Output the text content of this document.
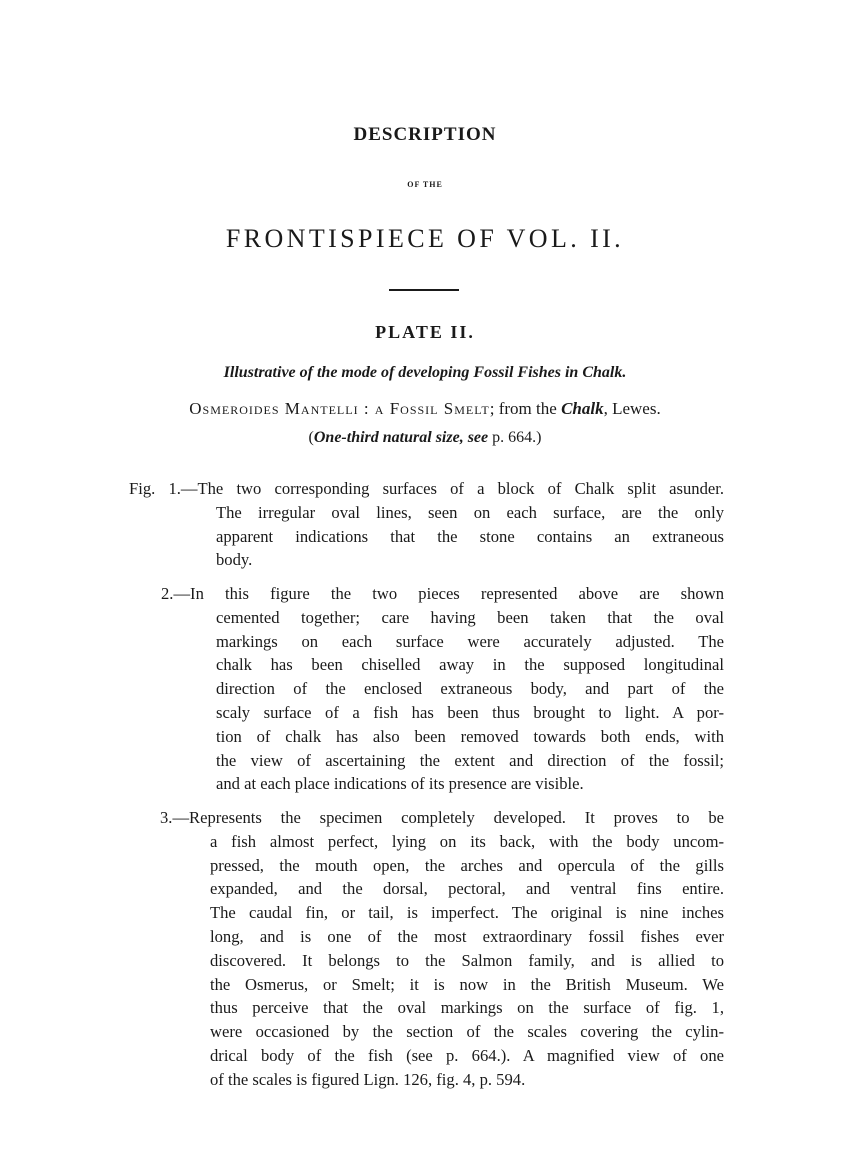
DESCRIPTION
OF THE
FRONTISPIECE OF VOL. II.
PLATE II.
Illustrative of the mode of developing Fossil Fishes in Chalk.
Osmeroides Mantelli : a Fossil Smelt; from the Chalk, Lewes.
(One-third natural size, see p. 664.)
Fig. 1.—The two corresponding surfaces of a block of Chalk split asunder.
The irregular oval lines, seen on each surface, are the only
apparent indications that the stone contains an extraneous
body.
2.—In this figure the two pieces represented above are shown
cemented together; care having been taken that the oval
markings on each surface were accurately adjusted. The
chalk has been chiselled away in the supposed longitudinal
direction of the enclosed extraneous body, and part of the
scaly surface of a fish has been thus brought to light. A por-
tion of chalk has also been removed towards both ends, with
the view of ascertaining the extent and direction of the fossil;
and at each place indications of its presence are visible.
3.—Represents the specimen completely developed. It proves to be
a fish almost perfect, lying on its back, with the body uncom-
pressed, the mouth open, the arches and opercula of the gills
expanded, and the dorsal, pectoral, and ventral fins entire.
The caudal fin, or tail, is imperfect. The original is nine inches
long, and is one of the most extraordinary fossil fishes ever
discovered. It belongs to the Salmon family, and is allied to
the Osmerus, or Smelt; it is now in the British Museum. We
thus perceive that the oval markings on the surface of fig. 1,
were occasioned by the section of the scales covering the cylin-
drical body of the fish (see p. 664.). A magnified view of one
of the scales is figured Lign. 126, fig. 4, p. 594.
